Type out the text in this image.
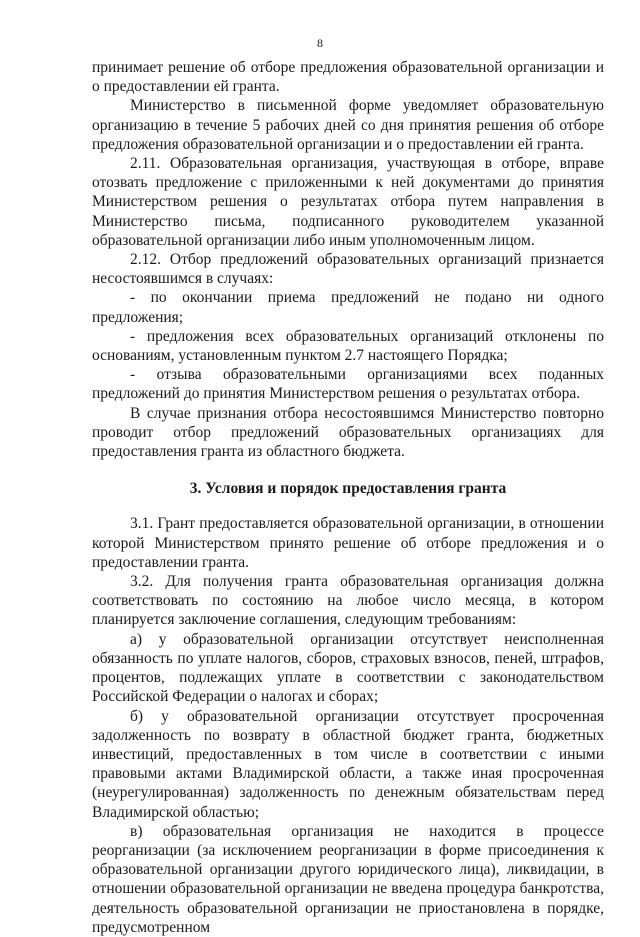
8

принимает решение об отборе предложения образовательной организации и о предоставлении ей гранта.

Министерство в письменной форме уведомляет образовательную организацию в течение 5 рабочих дней со дня принятия решения об отборе предложения образовательной организации и о предоставлении ей гранта.

2.11. Образовательная организация, участвующая в отборе, вправе отозвать предложение с приложенными к ней документами до принятия Министерством решения о результатах отбора путем направления в Министерство письма, подписанного руководителем указанной образовательной организации либо иным уполномоченным лицом.

2.12. Отбор предложений образовательных организаций признается несостоявшимся в случаях:

- по окончании приема предложений не подано ни одного предложения;

- предложения всех образовательных организаций отклонены по основаниям, установленным пунктом 2.7 настоящего Порядка;

- отзыва образовательными организациями всех поданных предложений до принятия Министерством решения о результатах отбора.

В случае признания отбора несостоявшимся Министерство повторно проводит отбор предложений образовательных организациях для предоставления гранта из областного бюджета.

3. Условия и порядок предоставления гранта

3.1. Грант предоставляется образовательной организации, в отношении которой Министерством принято решение об отборе предложения и о предоставлении гранта.

3.2. Для получения гранта образовательная организация должна соответствовать по состоянию на любое число месяца, в котором планируется заключение соглашения, следующим требованиям:

а) у образовательной организации отсутствует неисполненная обязанность по уплате налогов, сборов, страховых взносов, пеней, штрафов, процентов, подлежащих уплате в соответствии с законодательством Российской Федерации о налогах и сборах;

б) у образовательной организации отсутствует просроченная задолженность по возврату в областной бюджет гранта, бюджетных инвестиций, предоставленных в том числе в соответствии с иными правовыми актами Владимирской области, а также иная просроченная (неурегулированная) задолженность по денежным обязательствам перед Владимирской областью;

в) образовательная организация не находится в процессе реорганизации (за исключением реорганизации в форме присоединения к образовательной организации другого юридического лица), ликвидации, в отношении образовательной организации не введена процедура банкротства, деятельность образовательной организации не приостановлена в порядке, предусмотренном
